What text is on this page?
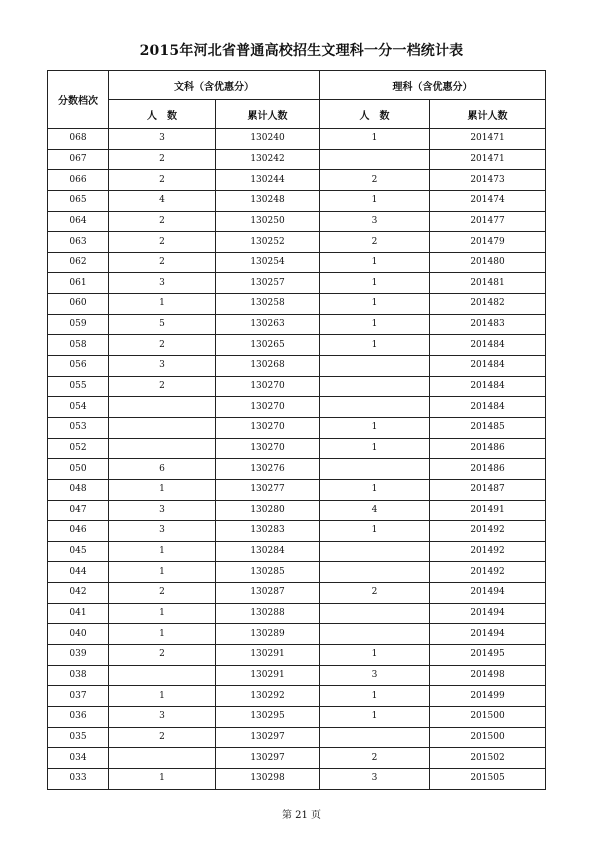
2015年河北省普通高校招生文理科一分一档统计表
分数档次	文科（含优惠分）		理科（含优惠分）	
	人　数	累计人数	人　数	累计人数
068	3	130240	1	201471
067	2	130242		201471
066	2	130244	2	201473
065	4	130248	1	201474
064	2	130250	3	201477
063	2	130252	2	201479
062	2	130254	1	201480
061	3	130257	1	201481
060	1	130258	1	201482
059	5	130263	1	201483
058	2	130265	1	201484
056	3	130268		201484
055	2	130270		201484
054		130270		201484
053		130270	1	201485
052		130270	1	201486
050	6	130276		201486
048	1	130277	1	201487
047	3	130280	4	201491
046	3	130283	1	201492
045	1	130284		201492
044	1	130285		201492
042	2	130287	2	201494
041	1	130288		201494
040	1	130289		201494
039	2	130291	1	201495
038		130291	3	201498
037	1	130292	1	201499
036	3	130295	1	201500
035	2	130297		201500
034		130297	2	201502
033	1	130298	3	201505
第 21 页
